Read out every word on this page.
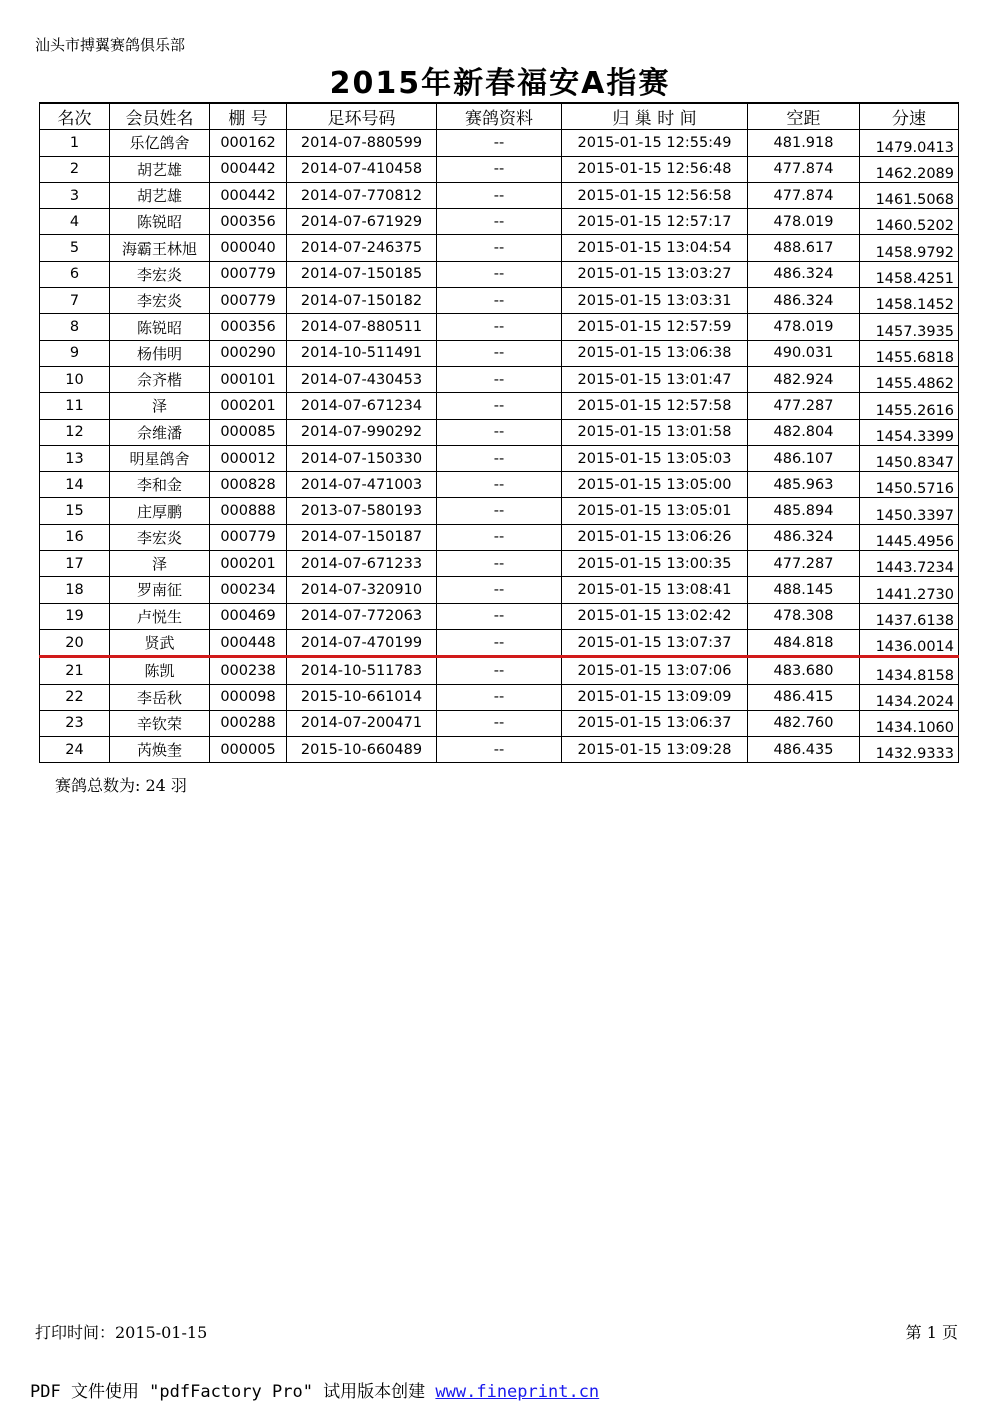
汕头市搏翼赛鸽俱乐部
2015年新春福安A指赛
名次	会员姓名	棚 号	足环号码	赛鸽资料	归 巢 时 间	空距	分速
1	乐亿鸽舍	000162	2014-07-880599	--	2015-01-15 12:55:49	481.918	1479.0413
2	胡艺雄	000442	2014-07-410458	--	2015-01-15 12:56:48	477.874	1462.2089
3	胡艺雄	000442	2014-07-770812	--	2015-01-15 12:56:58	477.874	1461.5068
4	陈锐昭	000356	2014-07-671929	--	2015-01-15 12:57:17	478.019	1460.5202
5	海霸王林旭	000040	2014-07-246375	--	2015-01-15 13:04:54	488.617	1458.9792
6	李宏炎	000779	2014-07-150185	--	2015-01-15 13:03:27	486.324	1458.4251
7	李宏炎	000779	2014-07-150182	--	2015-01-15 13:03:31	486.324	1458.1452
8	陈锐昭	000356	2014-07-880511	--	2015-01-15 12:57:59	478.019	1457.3935
9	杨伟明	000290	2014-10-511491	--	2015-01-15 13:06:38	490.031	1455.6818
10	佘齐楷	000101	2014-07-430453	--	2015-01-15 13:01:47	482.924	1455.4862
11	泽	000201	2014-07-671234	--	2015-01-15 12:57:58	477.287	1455.2616
12	佘维潘	000085	2014-07-990292	--	2015-01-15 13:01:58	482.804	1454.3399
13	明星鸽舍	000012	2014-07-150330	--	2015-01-15 13:05:03	486.107	1450.8347
14	李和金	000828	2014-07-471003	--	2015-01-15 13:05:00	485.963	1450.5716
15	庄厚鹏	000888	2013-07-580193	--	2015-01-15 13:05:01	485.894	1450.3397
16	李宏炎	000779	2014-07-150187	--	2015-01-15 13:06:26	486.324	1445.4956
17	泽	000201	2014-07-671233	--	2015-01-15 13:00:35	477.287	1443.7234
18	罗南征	000234	2014-07-320910	--	2015-01-15 13:08:41	488.145	1441.2730
19	卢悦生	000469	2014-07-772063	--	2015-01-15 13:02:42	478.308	1437.6138
20	贤武	000448	2014-07-470199	--	2015-01-15 13:07:37	484.818	1436.0014
21	陈凯	000238	2014-10-511783	--	2015-01-15 13:07:06	483.680	1434.8158
22	李岳秋	000098	2015-10-661014	--	2015-01-15 13:09:09	486.415	1434.2024
23	辛钦荣	000288	2014-07-200471	--	2015-01-15 13:06:37	482.760	1434.1060
24	芮焕奎	000005	2015-10-660489	--	2015-01-15 13:09:28	486.435	1432.9333
赛鸽总数为: 24 羽
打印时间：2015-01-15	第 1 页
PDF 文件使用 "pdfFactory Pro" 试用版本创建 www.fineprint.cn
